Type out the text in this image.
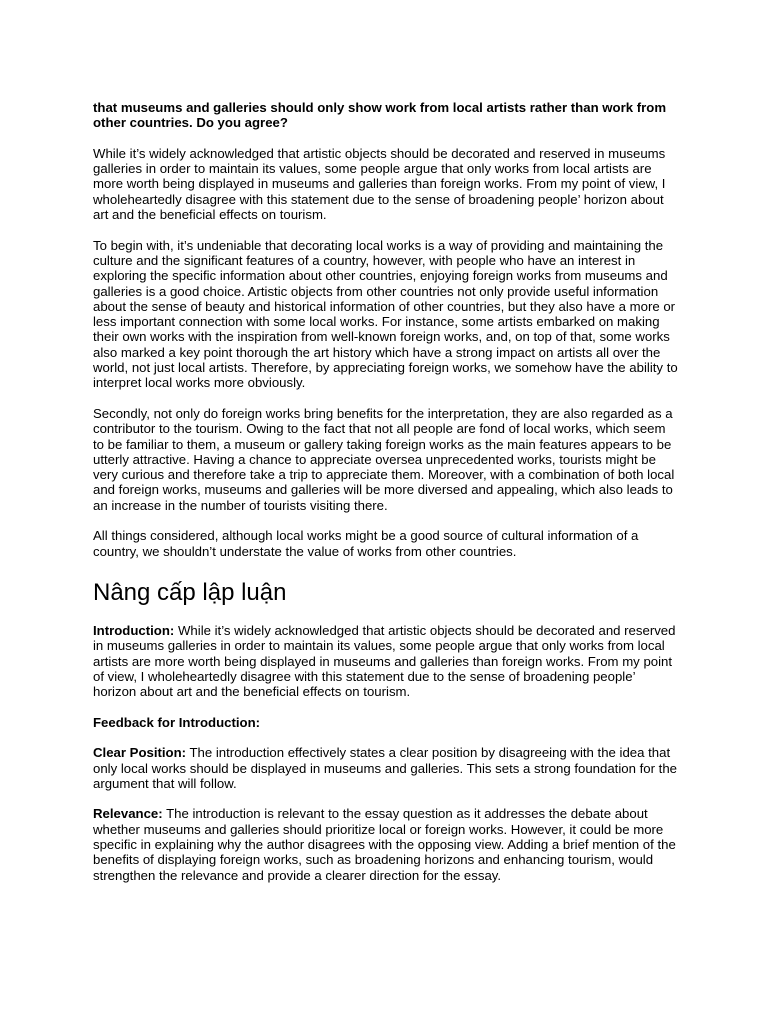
that museums and galleries should only show work from local artists rather than work from other countries. Do you agree?

While it’s widely acknowledged that artistic objects should be decorated and reserved in museums galleries in order to maintain its values, some people argue that only works from local artists are more worth being displayed in museums and galleries than foreign works. From my point of view, I wholeheartedly disagree with this statement due to the sense of broadening people’ horizon about art and the beneficial effects on tourism.

To begin with, it’s undeniable that decorating local works is a way of providing and maintaining the culture and the significant features of a country, however, with people who have an interest in exploring the specific information about other countries, enjoying foreign works from museums and galleries is a good choice. Artistic objects from other countries not only provide useful information about the sense of beauty and historical information of other countries, but they also have a more or less important connection with some local works. For instance, some artists embarked on making their own works with the inspiration from well-known foreign works, and, on top of that, some works also marked a key point thorough the art history which have a strong impact on artists all over the world, not just local artists. Therefore, by appreciating foreign works, we somehow have the ability to interpret local works more obviously.

Secondly, not only do foreign works bring benefits for the interpretation, they are also regarded as a contributor to the tourism. Owing to the fact that not all people are fond of local works, which seem to be familiar to them, a museum or gallery taking foreign works as the main features appears to be utterly attractive. Having a chance to appreciate oversea unprecedented works, tourists might be very curious and therefore take a trip to appreciate them. Moreover, with a combination of both local and foreign works, museums and galleries will be more diversed and appealing, which also leads to an increase in the number of tourists visiting there.

All things considered, although local works might be a good source of cultural information of a country, we shouldn’t understate the value of works from other countries.

Nâng cấp lập luận

Introduction: While it’s widely acknowledged that artistic objects should be decorated and reserved in museums galleries in order to maintain its values, some people argue that only works from local artists are more worth being displayed in museums and galleries than foreign works. From my point of view, I wholeheartedly disagree with this statement due to the sense of broadening people’ horizon about art and the beneficial effects on tourism.

Feedback for Introduction:

Clear Position: The introduction effectively states a clear position by disagreeing with the idea that only local works should be displayed in museums and galleries. This sets a strong foundation for the argument that will follow.

Relevance: The introduction is relevant to the essay question as it addresses the debate about whether museums and galleries should prioritize local or foreign works. However, it could be more specific in explaining why the author disagrees with the opposing view. Adding a brief mention of the benefits of displaying foreign works, such as broadening horizons and enhancing tourism, would strengthen the relevance and provide a clearer direction for the essay.
